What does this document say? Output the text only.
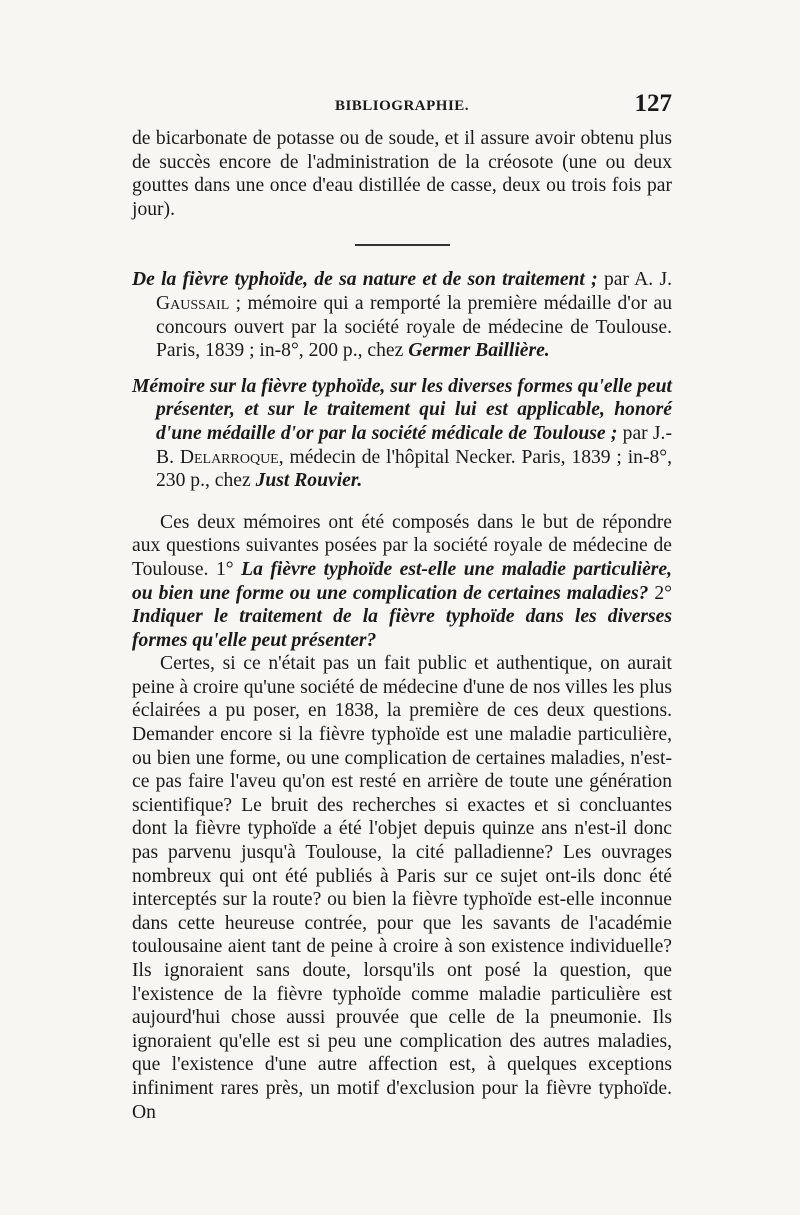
BIBLIOGRAPHIE.	127

de bicarbonate de potasse ou de soude, et il assure avoir obtenu plus de succès encore de l'administration de la créosote (une ou deux gouttes dans une once d'eau distillée de casse, deux ou trois fois par jour).

De la fièvre typhoïde, de sa nature et de son traitement ; par A. J. Gaussail ; mémoire qui a remporté la première médaille d'or au concours ouvert par la société royale de médecine de Toulouse. Paris, 1839 ; in-8°, 200 p., chez Germer Baillière.

Mémoire sur la fièvre typhoïde, sur les diverses formes qu'elle peut présenter, et sur le traitement qui lui est applicable, honoré d'une médaille d'or par la société médicale de Toulouse ; par J.-B. Delarroque, médecin de l'hôpital Necker. Paris, 1839 ; in-8°, 230 p., chez Just Rouvier.

Ces deux mémoires ont été composés dans le but de répondre aux questions suivantes posées par la société royale de médecine de Toulouse. 1° La fièvre typhoïde est-elle une maladie particulière, ou bien une forme ou une complication de certaines maladies? 2° Indiquer le traitement de la fièvre typhoïde dans les diverses formes qu'elle peut présenter?

Certes, si ce n'était pas un fait public et authentique, on aurait peine à croire qu'une société de médecine d'une de nos villes les plus éclairées a pu poser, en 1838, la première de ces deux questions. Demander encore si la fièvre typhoïde est une maladie particulière, ou bien une forme, ou une complication de certaines maladies, n'est-ce pas faire l'aveu qu'on est resté en arrière de toute une génération scientifique? Le bruit des recherches si exactes et si concluantes dont la fièvre typhoïde a été l'objet depuis quinze ans n'est-il donc pas parvenu jusqu'à Toulouse, la cité palladienne? Les ouvrages nombreux qui ont été publiés à Paris sur ce sujet ont-ils donc été interceptés sur la route? ou bien la fièvre typhoïde est-elle inconnue dans cette heureuse contrée, pour que les savants de l'académie toulousaine aient tant de peine à croire à son existence individuelle? Ils ignoraient sans doute, lorsqu'ils ont posé la question, que l'existence de la fièvre typhoïde comme maladie particulière est aujourd'hui chose aussi prouvée que celle de la pneumonie. Ils ignoraient qu'elle est si peu une complication des autres maladies, que l'existence d'une autre affection est, à quelques exceptions infiniment rares près, un motif d'exclusion pour la fièvre typhoïde. On
